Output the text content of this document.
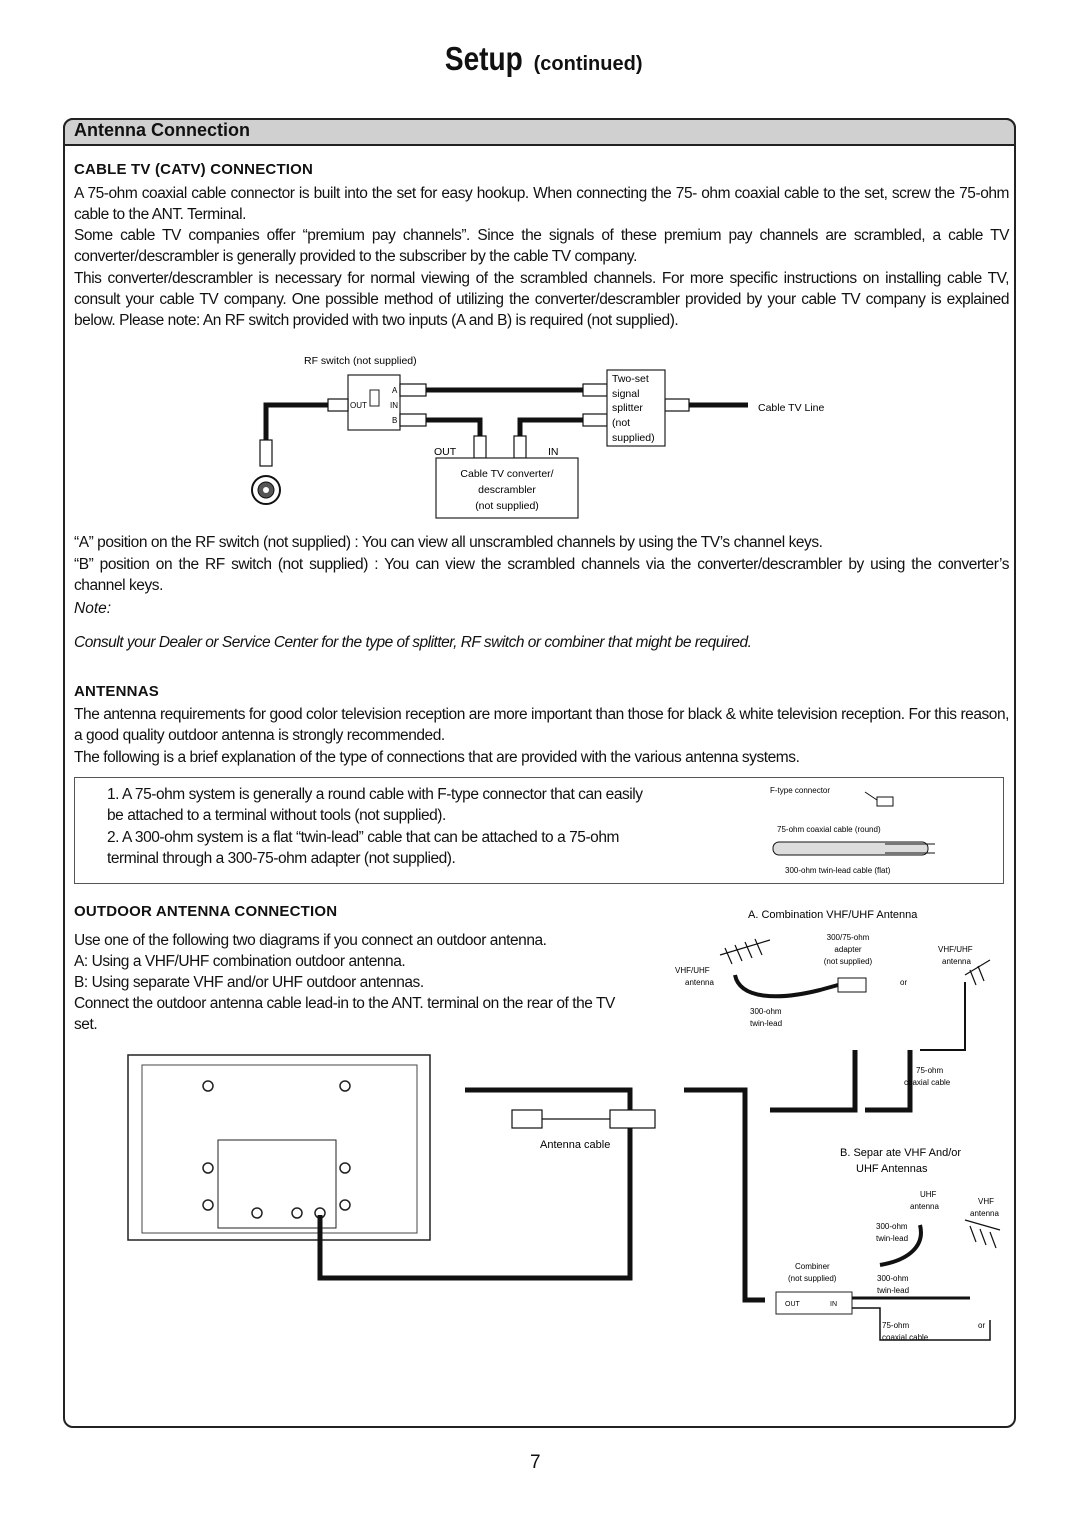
Setup (continued)
Antenna Connection
CABLE TV (CATV) CONNECTION
A 75-ohm coaxial cable connector is built into the set for easy hookup. When connecting the 75- ohm coaxial cable to the set, screw the 75-ohm cable to the ANT. Terminal.
Some cable TV companies offer “premium pay channels”. Since the signals of these premium pay channels are scrambled, a cable TV converter/descrambler is generally provided to the subscriber by the cable TV company.
This converter/descrambler is necessary for normal viewing of the scrambled channels. For more specific instructions on installing cable TV, consult your cable TV company. One possible method of utilizing the converter/descrambler provided by your cable TV company is explained below. Please note: An RF switch provided with two inputs (A and B) is required (not supplied).
RF switch (not supplied)
OUT
A
IN
B
Two-set
signal
splitter
(not
supplied)
Cable TV Line
OUT	IN
Cable TV converter/
descrambler
(not supplied)
“A” position on the RF switch (not supplied) : You can view all unscrambled channels by using the TV’s channel keys.
“B” position on the RF switch (not supplied) : You can view the scrambled channels via the converter/descrambler by using the converter’s channel keys.
Note:
Consult your Dealer or Service Center for the type of splitter, RF switch or combiner that might be required.
ANTENNAS
The antenna requirements for good color television reception are more important than those for black & white television reception. For this reason, a good quality outdoor antenna is strongly recommended.
The following is a brief explanation of the type of connections that are provided with the various antenna systems.
1. A 75-ohm system is generally a round cable with F-type connector that can easily be attached to a terminal without tools (not supplied).
2. A 300-ohm system is a flat “twin-lead” cable that can be attached to a 75-ohm terminal through a 300-75-ohm adapter (not supplied).
F-type connector
75-ohm coaxial cable (round)
300-ohm twin-lead cable (flat)
OUTDOOR ANTENNA CONNECTION
Use one of the following two diagrams if you connect an outdoor antenna.
A: Using a VHF/UHF combination outdoor antenna.
B: Using separate VHF and/or UHF outdoor antennas.
Connect the outdoor antenna cable lead-in to the ANT. terminal on the rear of the TV set.
Antenna cable
A. Combination VHF/UHF Antenna
300/75-ohm
adapter
(not supplied)
VHF/UHF
antenna
VHF/UHF
antenna
or
300-ohm
twin-lead
75-ohm
coaxial cable
B. Separ ate VHF And/or
UHF Antennas
UHF
antenna
VHF
antenna
300-ohm
twin-lead
Combiner
(not supplied)	300-ohm
twin-lead
OUT	IN
75-ohm
coaxial cable
or
7
